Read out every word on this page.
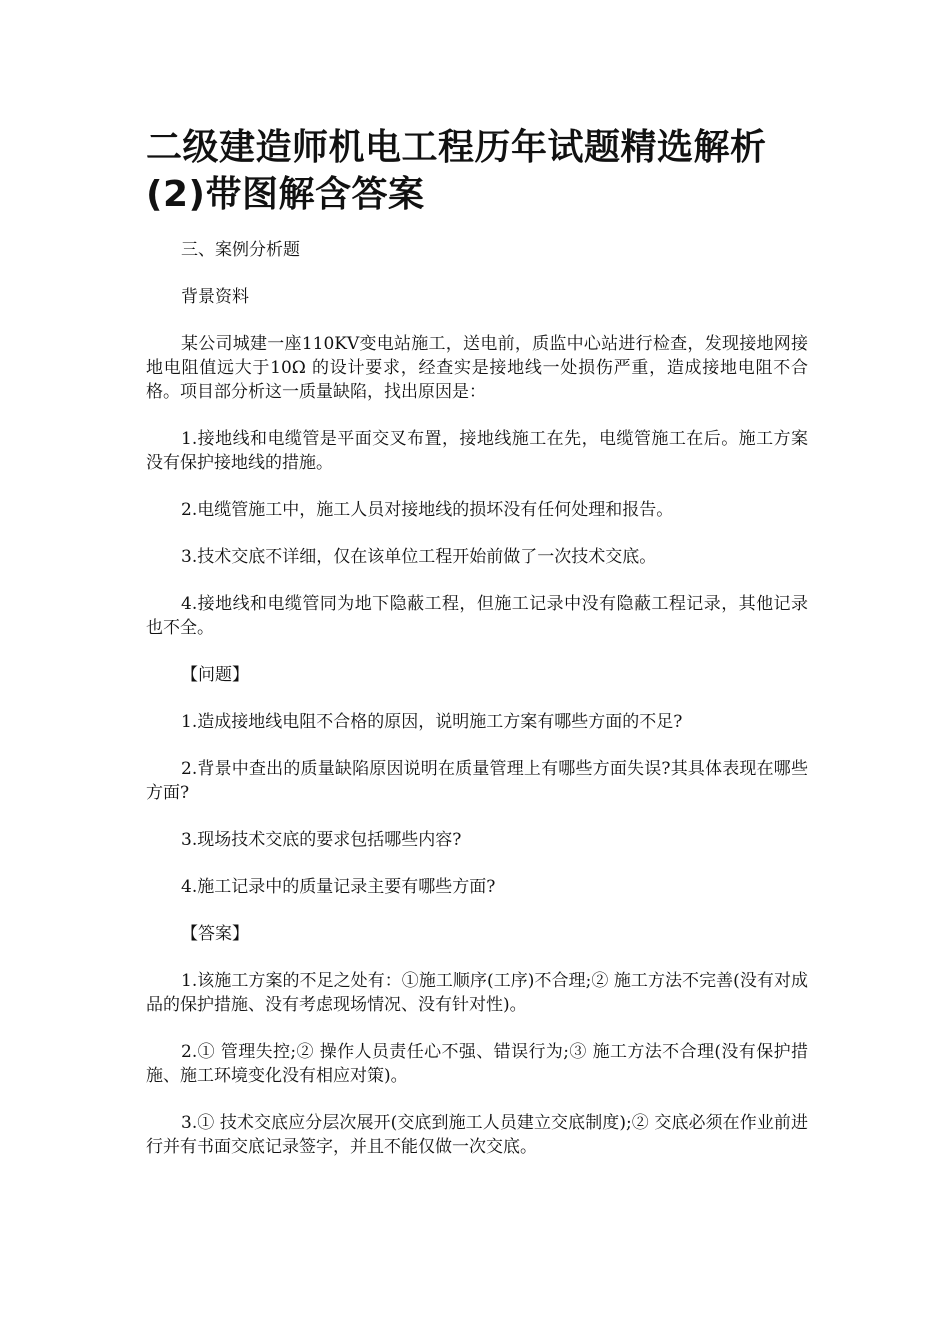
二级建造师机电工程历年试题精选解析(2)带图解含答案

三、案例分析题

背景资料

某公司城建一座110KV变电站施工，送电前，质监中心站进行检查，发现接地网接地电阻值远大于10Ω 的设计要求，经查实是接地线一处损伤严重，造成接地电阻不合格。项目部分析这一质量缺陷，找出原因是：

1.接地线和电缆管是平面交叉布置，接地线施工在先，电缆管施工在后。施工方案没有保护接地线的措施。

2.电缆管施工中，施工人员对接地线的损坏没有任何处理和报告。

3.技术交底不详细，仅在该单位工程开始前做了一次技术交底。

4.接地线和电缆管同为地下隐蔽工程，但施工记录中没有隐蔽工程记录，其他记录也不全。

【问题】

1.造成接地线电阻不合格的原因，说明施工方案有哪些方面的不足?

2.背景中查出的质量缺陷原因说明在质量管理上有哪些方面失误?其具体表现在哪些方面?

3.现场技术交底的要求包括哪些内容?

4.施工记录中的质量记录主要有哪些方面?

【答案】

1.该施工方案的不足之处有：①施工顺序(工序)不合理;② 施工方法不完善(没有对成品的保护措施、没有考虑现场情况、没有针对性)。

2.① 管理失控;② 操作人员责任心不强、错误行为;③ 施工方法不合理(没有保护措施、施工环境变化没有相应对策)。

3.① 技术交底应分层次展开(交底到施工人员建立交底制度);② 交底必须在作业前进行并有书面交底记录签字，并且不能仅做一次交底。
